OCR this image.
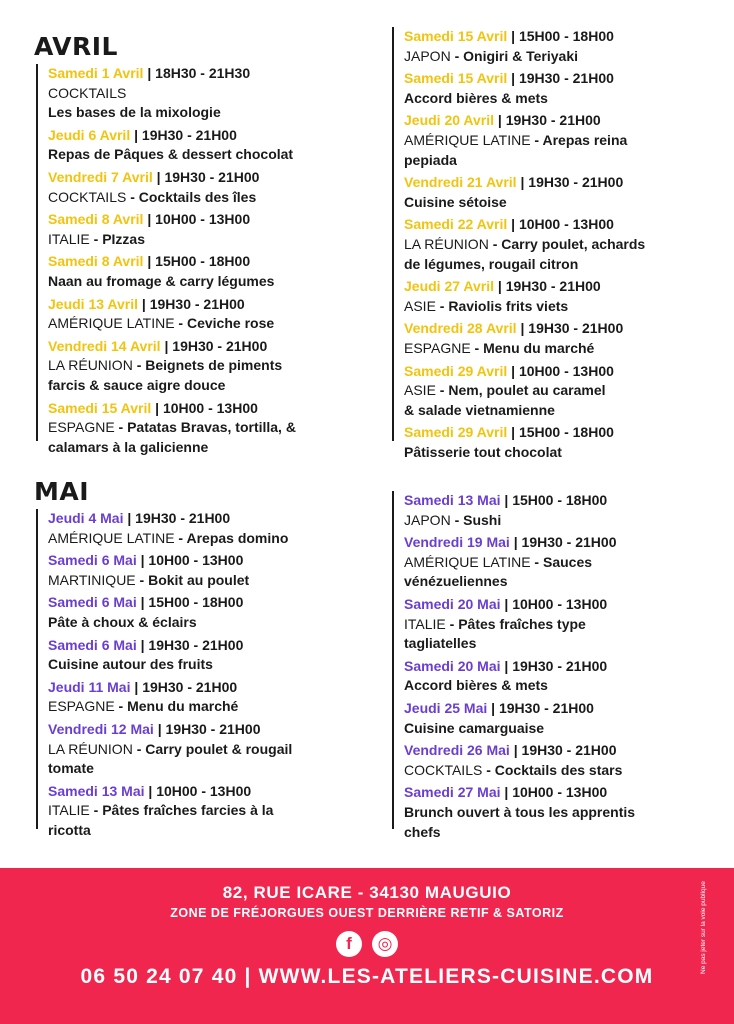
AVRIL
Samedi 1 Avril | 18H30 - 21H30
COCKTAILS
Les bases de la mixologie
Jeudi 6 Avril | 19H30 - 21H00
Repas de Pâques & dessert chocolat
Vendredi 7 Avril | 19H30 - 21H00
COCKTAILS - Cocktails des îles
Samedi 8 Avril | 10H00 - 13H00
ITALIE - PIzzas
Samedi 8 Avril | 15H00 - 18H00
Naan au fromage & carry légumes
Jeudi 13 Avril | 19H30 - 21H00
AMÉRIQUE LATINE - Ceviche rose
Vendredi 14 Avril | 19H30 - 21H00
LA RÉUNION - Beignets de piments
farcis & sauce aigre douce
Samedi 15 Avril | 10H00 - 13H00
ESPAGNE - Patatas Bravas, tortilla, &
calamars à la galicienne
Samedi 15 Avril | 15H00 - 18H00
JAPON - Onigiri & Teriyaki
Samedi 15 Avril | 19H30 - 21H00
Accord bières & mets
Jeudi 20 Avril | 19H30 - 21H00
AMÉRIQUE LATINE - Arepas reina
pepiada
Vendredi 21 Avril | 19H30 - 21H00
Cuisine sétoise
Samedi 22 Avril | 10H00 - 13H00
LA RÉUNION - Carry poulet, achards
de légumes, rougail citron
Jeudi 27 Avril | 19H30 - 21H00
ASIE - Raviolis frits viets
Vendredi 28 Avril | 19H30 - 21H00
ESPAGNE - Menu du marché
Samedi 29 Avril | 10H00 - 13H00
ASIE - Nem, poulet au caramel
& salade vietnamienne
Samedi 29 Avril | 15H00 - 18H00
Pâtisserie tout chocolat
MAI
Jeudi 4 Mai | 19H30 - 21H00
AMÉRIQUE LATINE - Arepas domino
Samedi 6 Mai | 10H00 - 13H00
MARTINIQUE - Bokit au poulet
Samedi 6 Mai | 15H00 - 18H00
Pâte à choux & éclairs
Samedi 6 Mai | 19H30 - 21H00
Cuisine autour des fruits
Jeudi 11 Mai | 19H30 - 21H00
ESPAGNE - Menu du marché
Vendredi 12 Mai | 19H30 - 21H00
LA RÉUNION - Carry poulet & rougail
tomate
Samedi 13 Mai | 10H00 - 13H00
ITALIE - Pâtes fraîches farcies à la
ricotta
Samedi 13 Mai | 15H00 - 18H00
JAPON - Sushi
Vendredi 19 Mai | 19H30 - 21H00
AMÉRIQUE LATINE - Sauces
vénézueliennes
Samedi 20 Mai | 10H00 - 13H00
ITALIE - Pâtes fraîches type
tagliatelles
Samedi 20 Mai | 19H30 - 21H00
Accord bières & mets
Jeudi 25 Mai | 19H30 - 21H00
Cuisine camarguaise
Vendredi 26 Mai | 19H30 - 21H00
COCKTAILS - Cocktails des stars
Samedi 27 Mai | 10H00 - 13H00
Brunch ouvert à tous les apprentis
chefs
82, RUE ICARE - 34130 MAUGUIO
ZONE DE FRÉJORGUES OUEST DERRIÈRE RETIF & SATORIZ
f	◎
06 50 24 07 40 | WWW.LES-ATELIERS-CUISINE.COM
Ne pas jeter sur la voie publique
